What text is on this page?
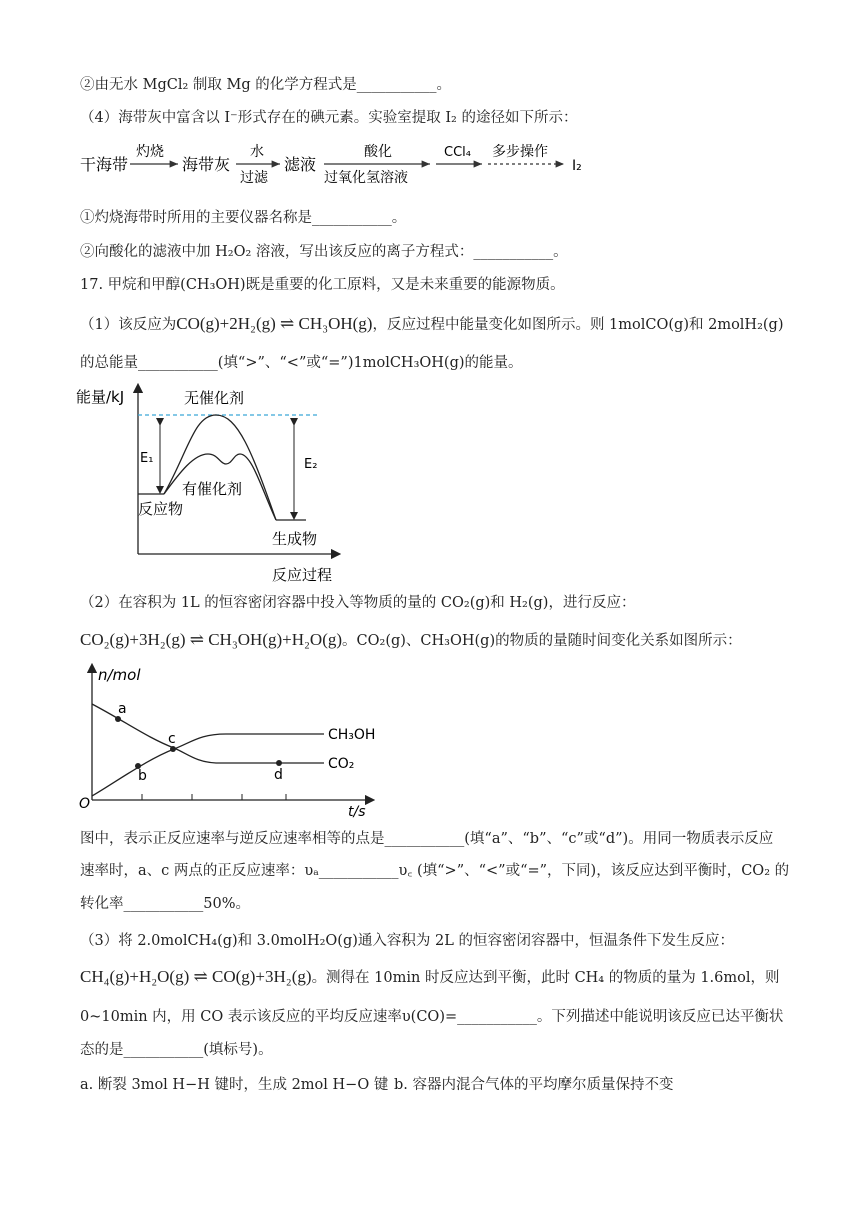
②由无水 MgCl₂ 制取 Mg 的化学方程式是___________。
（4）海带灰中富含以 I⁻形式存在的碘元素。实验室提取 I₂ 的途径如下所示：
干海带
灼烧
海带灰
水
过滤
滤液
酸化
过氧化氢溶液
CCl₄ 多步操作
I₂
①灼烧海带时所用的主要仪器名称是___________。
②向酸化的滤液中加 H₂O₂ 溶液，写出该反应的离子方程式：___________。
17. 甲烷和甲醇(CH₃OH)既是重要的化工原料，又是未来重要的能源物质。
（1）该反应为CO(g)+2H₂(g) ⇌ CH₃OH(g)，反应过程中能量变化如图所示。则 1molCO(g)和 2molH₂(g)
的总能量___________(填“>”、“<”或“=”)1molCH₃OH(g)的能量。
能量/kJ	无催化剂
E₁	E₂
有催化剂
反应物
生成物
反应过程
（2）在容积为 1L 的恒容密闭容器中投入等物质的量的 CO₂(g)和 H₂(g)，进行反应：
CO₂(g)+3H₂(g) ⇌ CH₃OH(g)+H₂O(g)。CO₂(g)、CH₃OH(g)的物质的量随时间变化关系如图所示：
n/mol
t/s
O
CH₃OH
CO₂
a
b
c
d
图中，表示正反应速率与逆反应速率相等的点是___________(填“a”、“b”、“c”或“d”)。用同一物质表示反应
速率时，a、c 两点的正反应速率：υₐ___________υ꜀ (填“>”、“<”或“=”，下同)，该反应达到平衡时，CO₂ 的
转化率___________50%。
（3）将 2.0molCH₄(g)和 3.0molH₂O(g)通入容积为 2L 的恒容密闭容器中，恒温条件下发生反应：
CH₄(g)+H₂O(g) ⇌ CO(g)+3H₂(g)。测得在 10min 时反应达到平衡，此时 CH₄ 的物质的量为 1.6mol，则
0~10min 内，用 CO 表示该反应的平均反应速率υ(CO)=___________。下列描述中能说明该反应已达平衡状
态的是___________(填标号)。
a. 断裂 3mol H−H 键时，生成 2mol H−O 键 b. 容器内混合气体的平均摩尔质量保持不变
